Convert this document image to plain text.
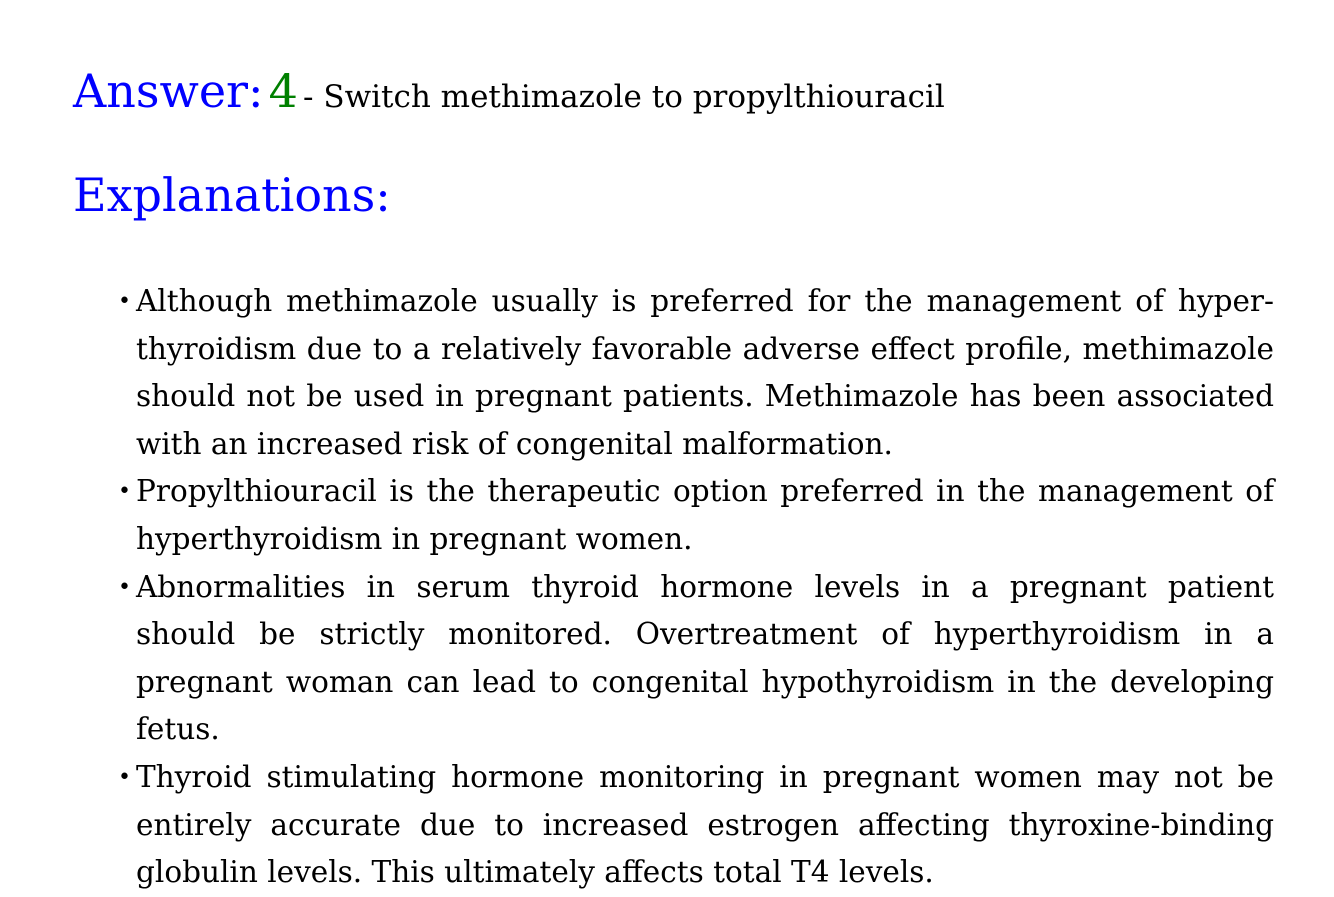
Answer: 4 - Switch methimazole to propylthiouracil
Explanations:
• Although methimazole usually is preferred for the management of hyper-thyroidism due to a relatively favorable adverse effect profile, methimazole should not be used in pregnant patients. Methimazole has been associated with an increased risk of congenital malformation.
• Propylthiouracil is the therapeutic option preferred in the management of hyperthyroidism in pregnant women.
• Abnormalities in serum thyroid hormone levels in a pregnant patient should be strictly monitored. Overtreatment of hyperthyroidism in a pregnant woman can lead to congenital hypothyroidism in the developing fetus.
• Thyroid stimulating hormone monitoring in pregnant women may not be entirely accurate due to increased estrogen affecting thyroxine-binding globulin levels. This ultimately affects total T4 levels.
